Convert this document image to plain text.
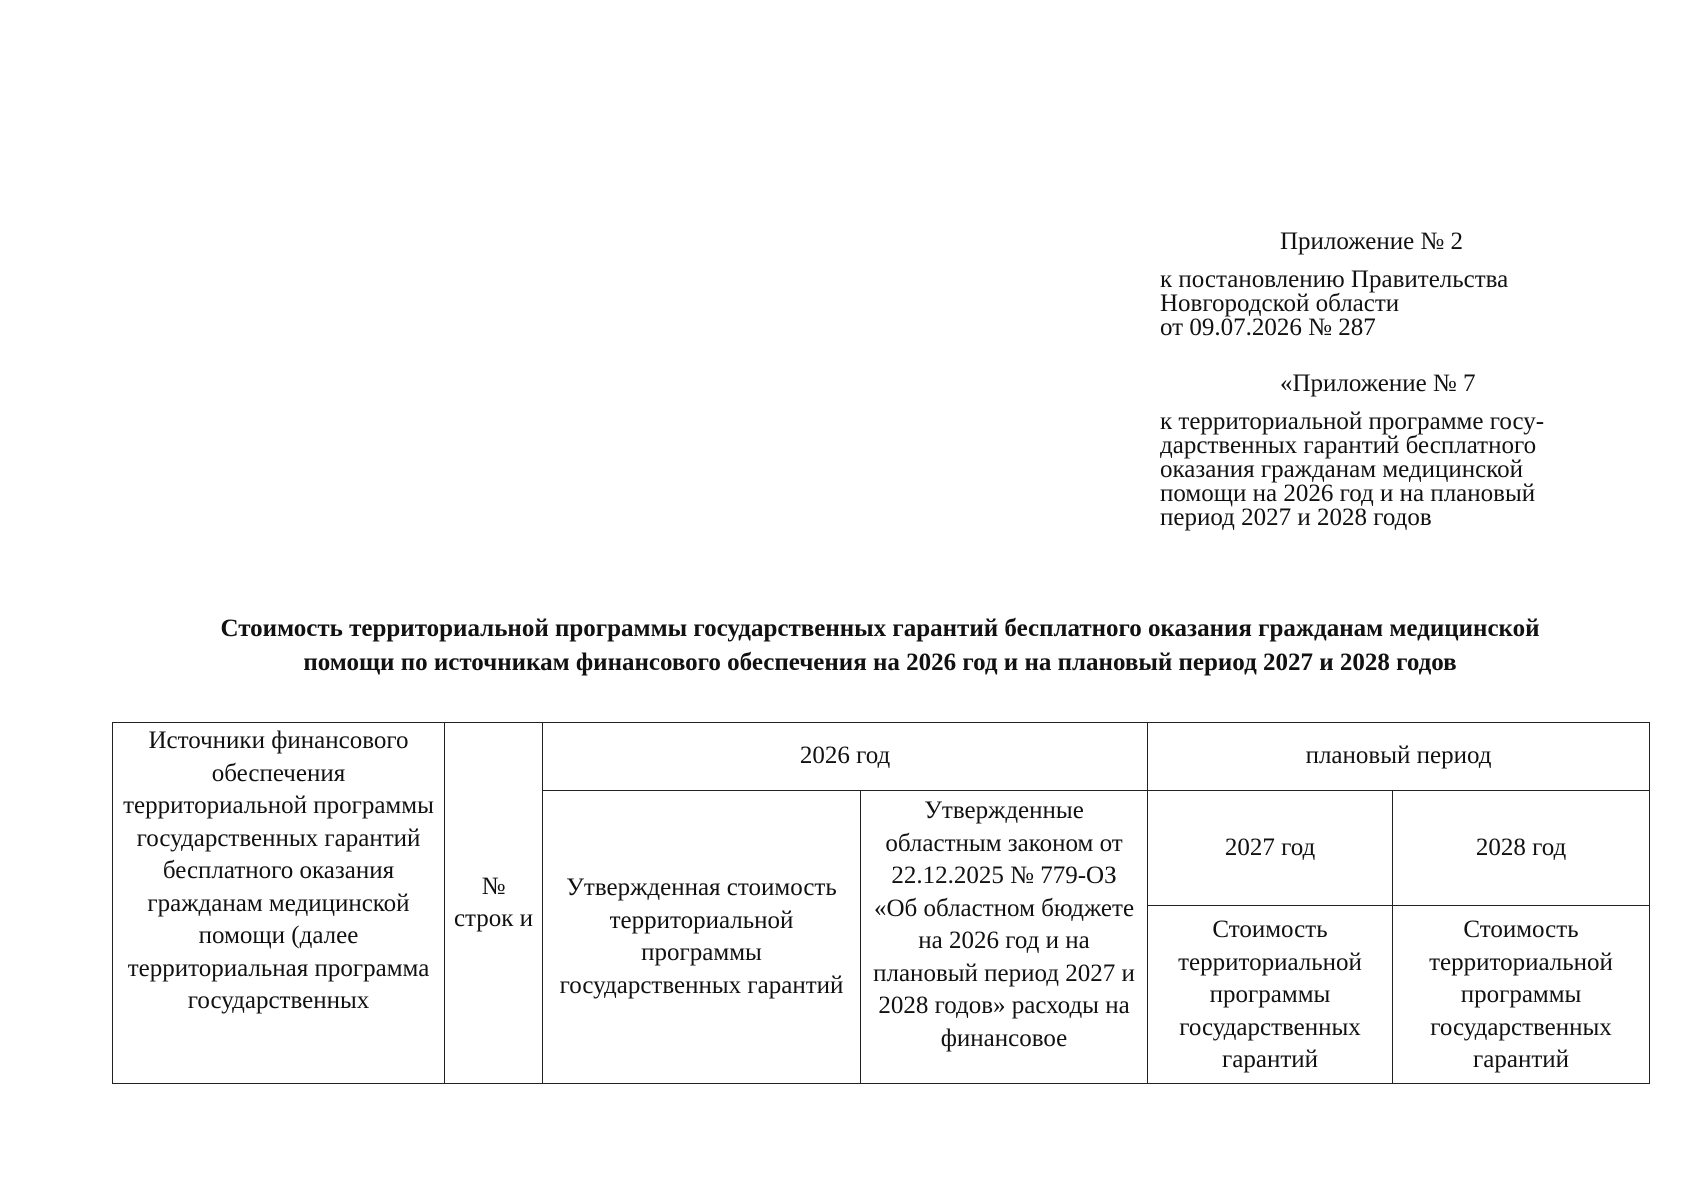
Приложение № 2
к постановлению Правительства
Новгородской области
от 09.07.2026 № 287
«Приложение № 7
к территориальной программе госу-
дарственных гарантий бесплатного
оказания гражданам медицинской
помощи на 2026 год и на плановый
период 2027 и 2028 годов
Стоимость территориальной программы государственных гарантий бесплатного оказания гражданам медицинской
помощи по источникам финансового обеспечения на 2026 год и на плановый период 2027 и 2028 годов
Источники финансового обеспечения территориальной программы государственных гарантий бесплатного оказания гражданам медицинской помощи (далее территориальная программа государственных	№ строк и	2026 год		плановый период	

		Утвержденная стоимость территориальной программы государственных гарантий	Утвержденные областным законом от 22.12.2025 № 779-ОЗ «Об областном бюджете на 2026 год и на плановый период 2027 и 2028 годов» расходы на финансовое	2027 год	2028 год

				Стоимость территориальной программы государственных гарантий	Стоимость территориальной программы государственных гарантий
